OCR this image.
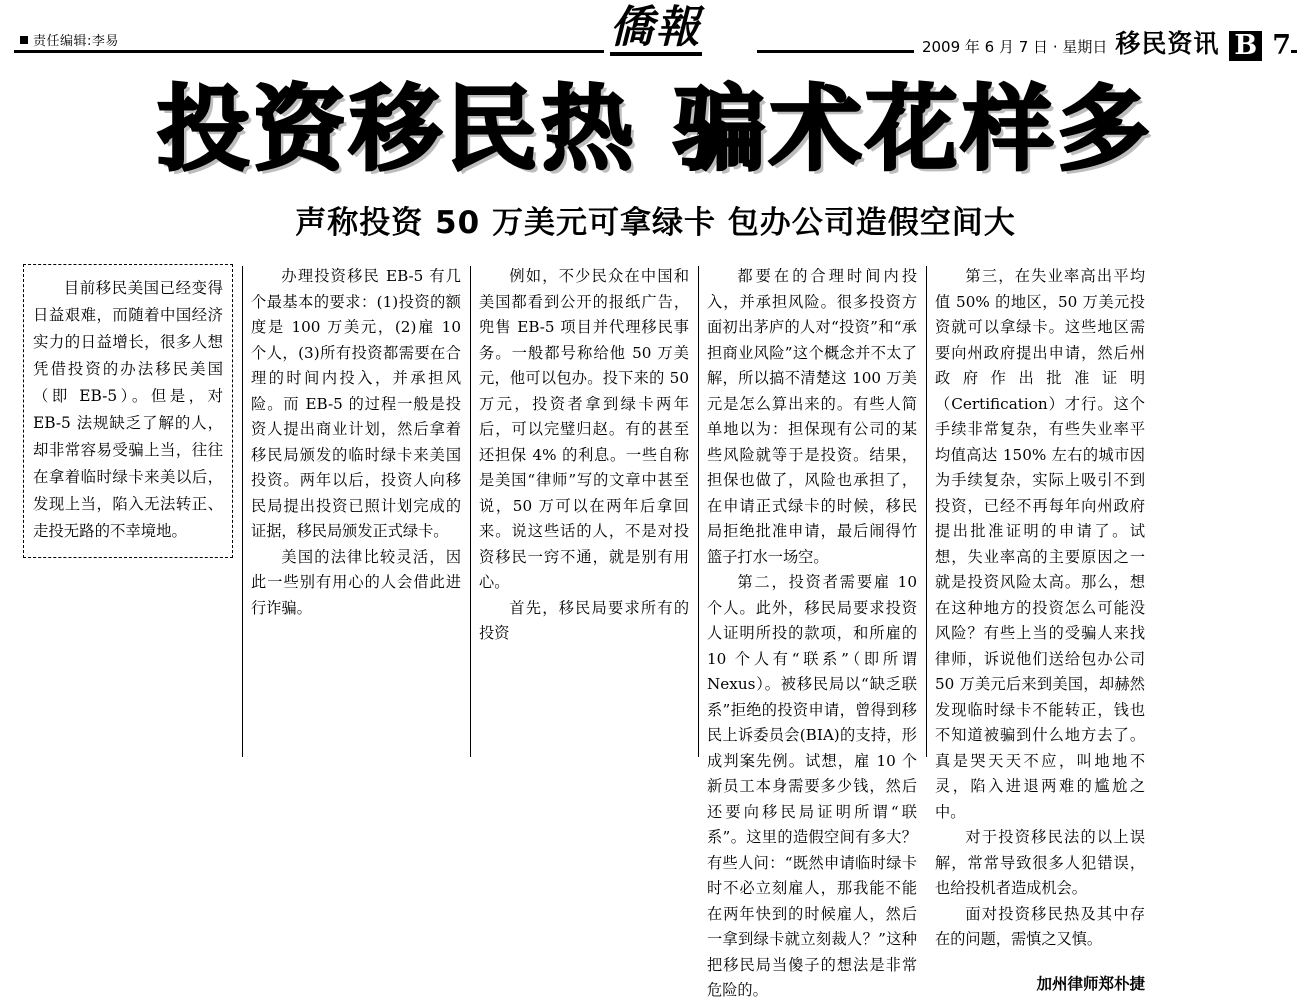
责任编辑:李易	僑報	2009 年 6 月 7 日 · 星期日 移民资讯 B 7
投资移民热 骗术花样多
声称投资 50 万美元可拿绿卡 包办公司造假空间大

目前移民美国已经变得日益艰难，而随着中国经济实力的日益增长，很多人想凭借投资的办法移民美国（即 EB-5）。但是，对 EB-5 法规缺乏了解的人，却非常容易受骗上当，往往在拿着临时绿卡来美以后，发现上当，陷入无法转正、走投无路的不幸境地。

办理投资移民 EB-5 有几个最基本的要求：(1)投资的额度是 100 万美元，(2)雇 10 个人，(3)所有投资都需要在合理的时间内投入，并承担风险。而 EB-5 的过程一般是投资人提出商业计划，然后拿着移民局颁发的临时绿卡来美国投资。两年以后，投资人向移民局提出投资已照计划完成的证据，移民局颁发正式绿卡。

美国的法律比较灵活，因此一些别有用心的人会借此进行诈骗。

例如，不少民众在中国和美国都看到公开的报纸广告，兜售 EB-5 项目并代理移民事务。一般都号称给他 50 万美元，他可以包办。投下来的 50 万元，投资者拿到绿卡两年后，可以完璧归赵。有的甚至还担保 4% 的利息。一些自称是美国“律师”写的文章中甚至说，50 万可以在两年后拿回来。说这些话的人，不是对投资移民一窍不通，就是别有用心。

首先，移民局要求所有的投资

都要在的合理时间内投入，并承担风险。很多投资方面初出茅庐的人对“投资”和“承担商业风险”这个概念并不太了解，所以搞不清楚这 100 万美元是怎么算出来的。有些人简单地以为：担保现有公司的某些风险就等于是投资。结果，担保也做了，风险也承担了，在申请正式绿卡的时候，移民局拒绝批准申请，最后闹得竹篮子打水一场空。

第二，投资者需要雇 10 个人。此外，移民局要求投资人证明所投的款项，和所雇的 10 个人有“联系”（即所谓 Nexus）。被移民局以“缺乏联系”拒绝的投资申请，曾得到移民上诉委员会(BIA)的支持，形成判案先例。试想，雇 10 个新员工本身需要多少钱，然后还要向移民局证明所谓“联系”。这里的造假空间有多大？有些人问：“既然申请临时绿卡时不必立刻雇人，那我能不能在两年快到的时候雇人，然后一拿到绿卡就立刻裁人？”这种把移民局当傻子的想法是非常危险的。

第三，在失业率高出平均值 50% 的地区，50 万美元投资就可以拿绿卡。这些地区需要向州政府提出申请，然后州政府作出批准证明（Certification）才行。这个手续非常复杂，有些失业率平均值高达 150% 左右的城市因为手续复杂，实际上吸引不到投资，已经不再每年向州政府提出批准证明的申请了。试想，失业率高的主要原因之一就是投资风险太高。那么，想在这种地方的投资怎么可能没风险？有些上当的受骗人来找律师，诉说他们送给包办公司 50 万美元后来到美国，却赫然发现临时绿卡不能转正，钱也不知道被骗到什么地方去了。真是哭天天不应，叫地地不灵，陷入进退两难的尴尬之中。

对于投资移民法的以上误解，常常导致很多人犯错误，也给投机者造成机会。

面对投资移民热及其中存在的问题，需慎之又慎。

加州律师郑朴捷
